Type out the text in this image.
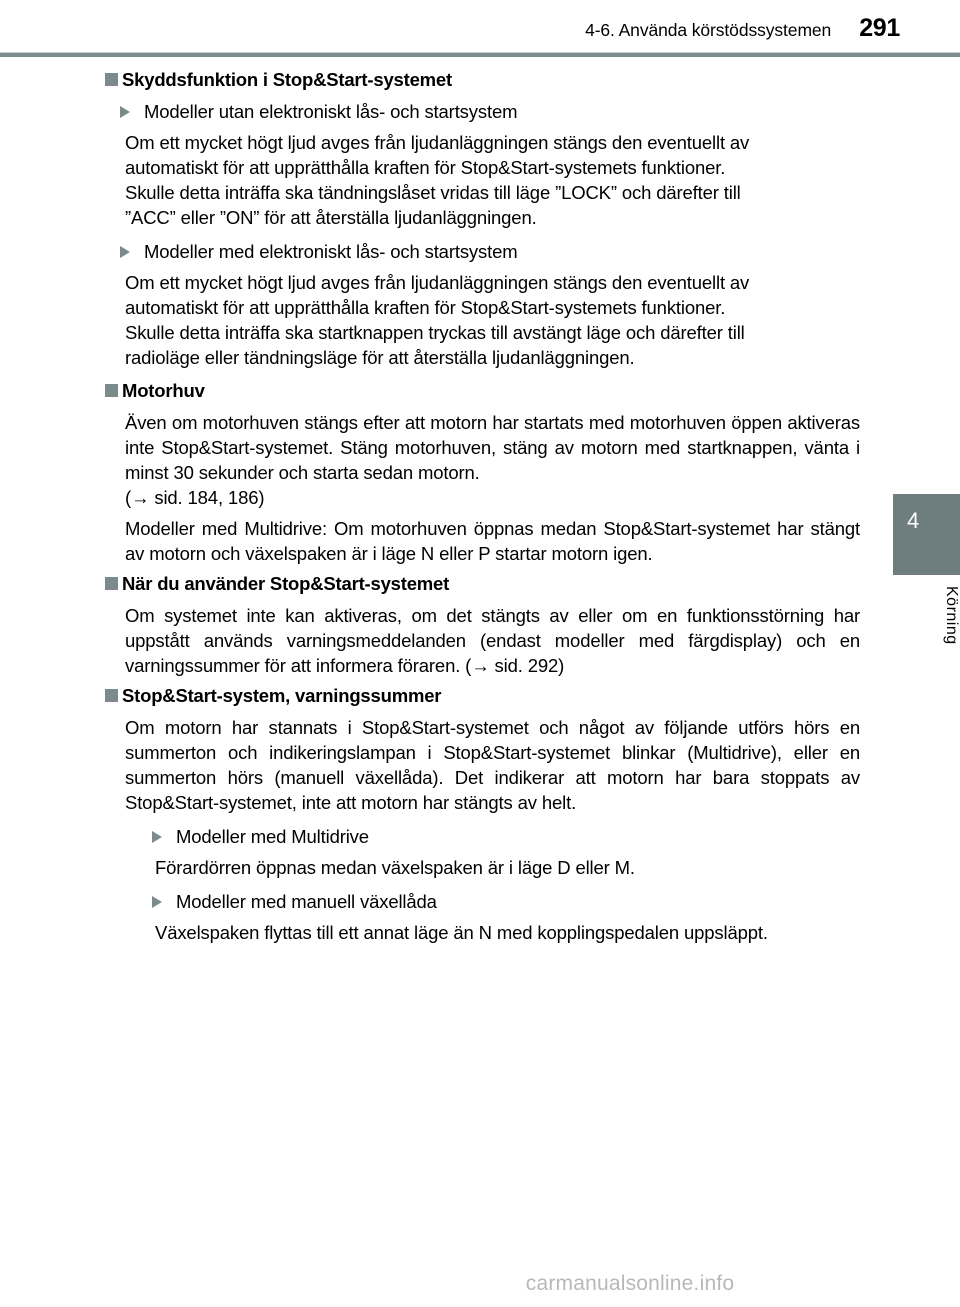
4-6. Använda körstödssystemen 291
4
Körning
Skyddsfunktion i Stop&Start-systemet
Modeller utan elektroniskt lås- och startsystem

Om ett mycket högt ljud avges från ljudanläggningen stängs den eventuellt av

automatiskt för att upprätthålla kraften för Stop&Start-systemets funktioner.

Skulle detta inträffa ska tändningslåset vridas till läge ”LOCK” och därefter till

”ACC” eller ”ON” för att återställa ljudanläggningen.

Modeller med elektroniskt lås- och startsystem

Om ett mycket högt ljud avges från ljudanläggningen stängs den eventuellt av

automatiskt för att upprätthålla kraften för Stop&Start-systemets funktioner.

Skulle detta inträffa ska startknappen tryckas till avstängt läge och därefter till

radioläge eller tändningsläge för att återställa ljudanläggningen.

Motorhuv

Även om motorhuven stängs efter att motorn har startats med motorhuven öppen aktiveras inte Stop&Start-systemet. Stäng motorhuven, stäng av motorn med startknappen, vänta i minst 30 sekunder och starta sedan motorn.

(→ sid. 184, 186)

Modeller med Multidrive: Om motorhuven öppnas medan Stop&Start-systemet har stängt av motorn och växelspaken är i läge N eller P startar motorn igen.

När du använder Stop&Start-systemet

Om systemet inte kan aktiveras, om det stängts av eller om en funktionsstörning har uppstått används varningsmeddelanden (endast modeller med färgdisplay) och en varningssummer för att informera föraren. (→ sid. 292)

Stop&Start-system, varningssummer

Om motorn har stannats i Stop&Start-systemet och något av följande utförs hörs en summerton och indikeringslampan i Stop&Start-systemet blinkar (Multidrive), eller en summerton hörs (manuell växellåda). Det indikerar att motorn har bara stoppats av Stop&Start-systemet, inte att motorn har stängts av helt.

Modeller med Multidrive

Förardörren öppnas medan växelspaken är i läge D eller M.

Modeller med manuell växellåda

Växelspaken flyttas till ett annat läge än N med kopplingspedalen uppsläppt.

carmanualsonline.info
